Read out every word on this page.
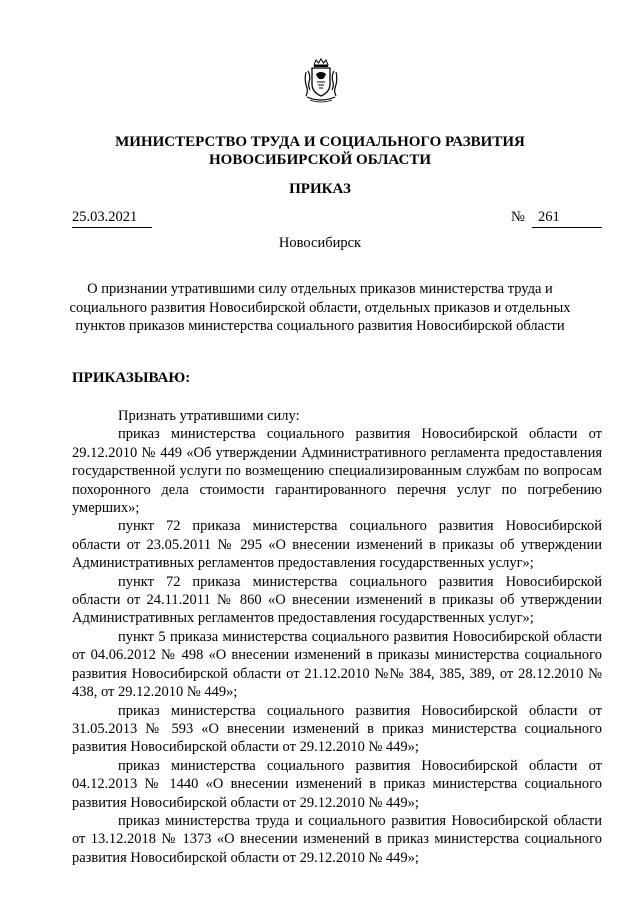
МИНИСТЕРСТВО ТРУДА И СОЦИАЛЬНОГО РАЗВИТИЯ
НОВОСИБИРСКОЙ ОБЛАСТИ
ПРИКАЗ
25.03.2021	№ 261
Новосибирск
О признании утратившими силу отдельных приказов министерства труда и социального развития Новосибирской области, отдельных приказов и отдельных пунктов приказов министерства социального развития Новосибирской области
ПРИКАЗЫВАЮ:

Признать утратившими силу:

приказ министерства социального развития Новосибирской области от 29.12.2010 № 449 «Об утверждении Административного регламента предоставления государственной услуги по возмещению специализированным службам по вопросам похоронного дела стоимости гарантированного перечня услуг по погребению умерших»;

пункт 72 приказа министерства социального развития Новосибирской области от 23.05.2011 № 295 «О внесении изменений в приказы об утверждении Административных регламентов предоставления государственных услуг»;

пункт 72 приказа министерства социального развития Новосибирской области от 24.11.2011 № 860 «О внесении изменений в приказы об утверждении Административных регламентов предоставления государственных услуг»;

пункт 5 приказа министерства социального развития Новосибирской области от 04.06.2012 № 498 «О внесении изменений в приказы министерства социального развития Новосибирской области от 21.12.2010 №№ 384, 385, 389, от 28.12.2010 № 438, от 29.12.2010 № 449»;

приказ министерства социального развития Новосибирской области от 31.05.2013 № 593 «О внесении изменений в приказ министерства социального развития Новосибирской области от 29.12.2010 № 449»;

приказ министерства социального развития Новосибирской области от 04.12.2013 № 1440 «О внесении изменений в приказ министерства социального развития Новосибирской области от 29.12.2010 № 449»;

приказ министерства труда и социального развития Новосибирской области от 13.12.2018 № 1373 «О внесении изменений в приказ министерства социального развития Новосибирской области от 29.12.2010 № 449»;
